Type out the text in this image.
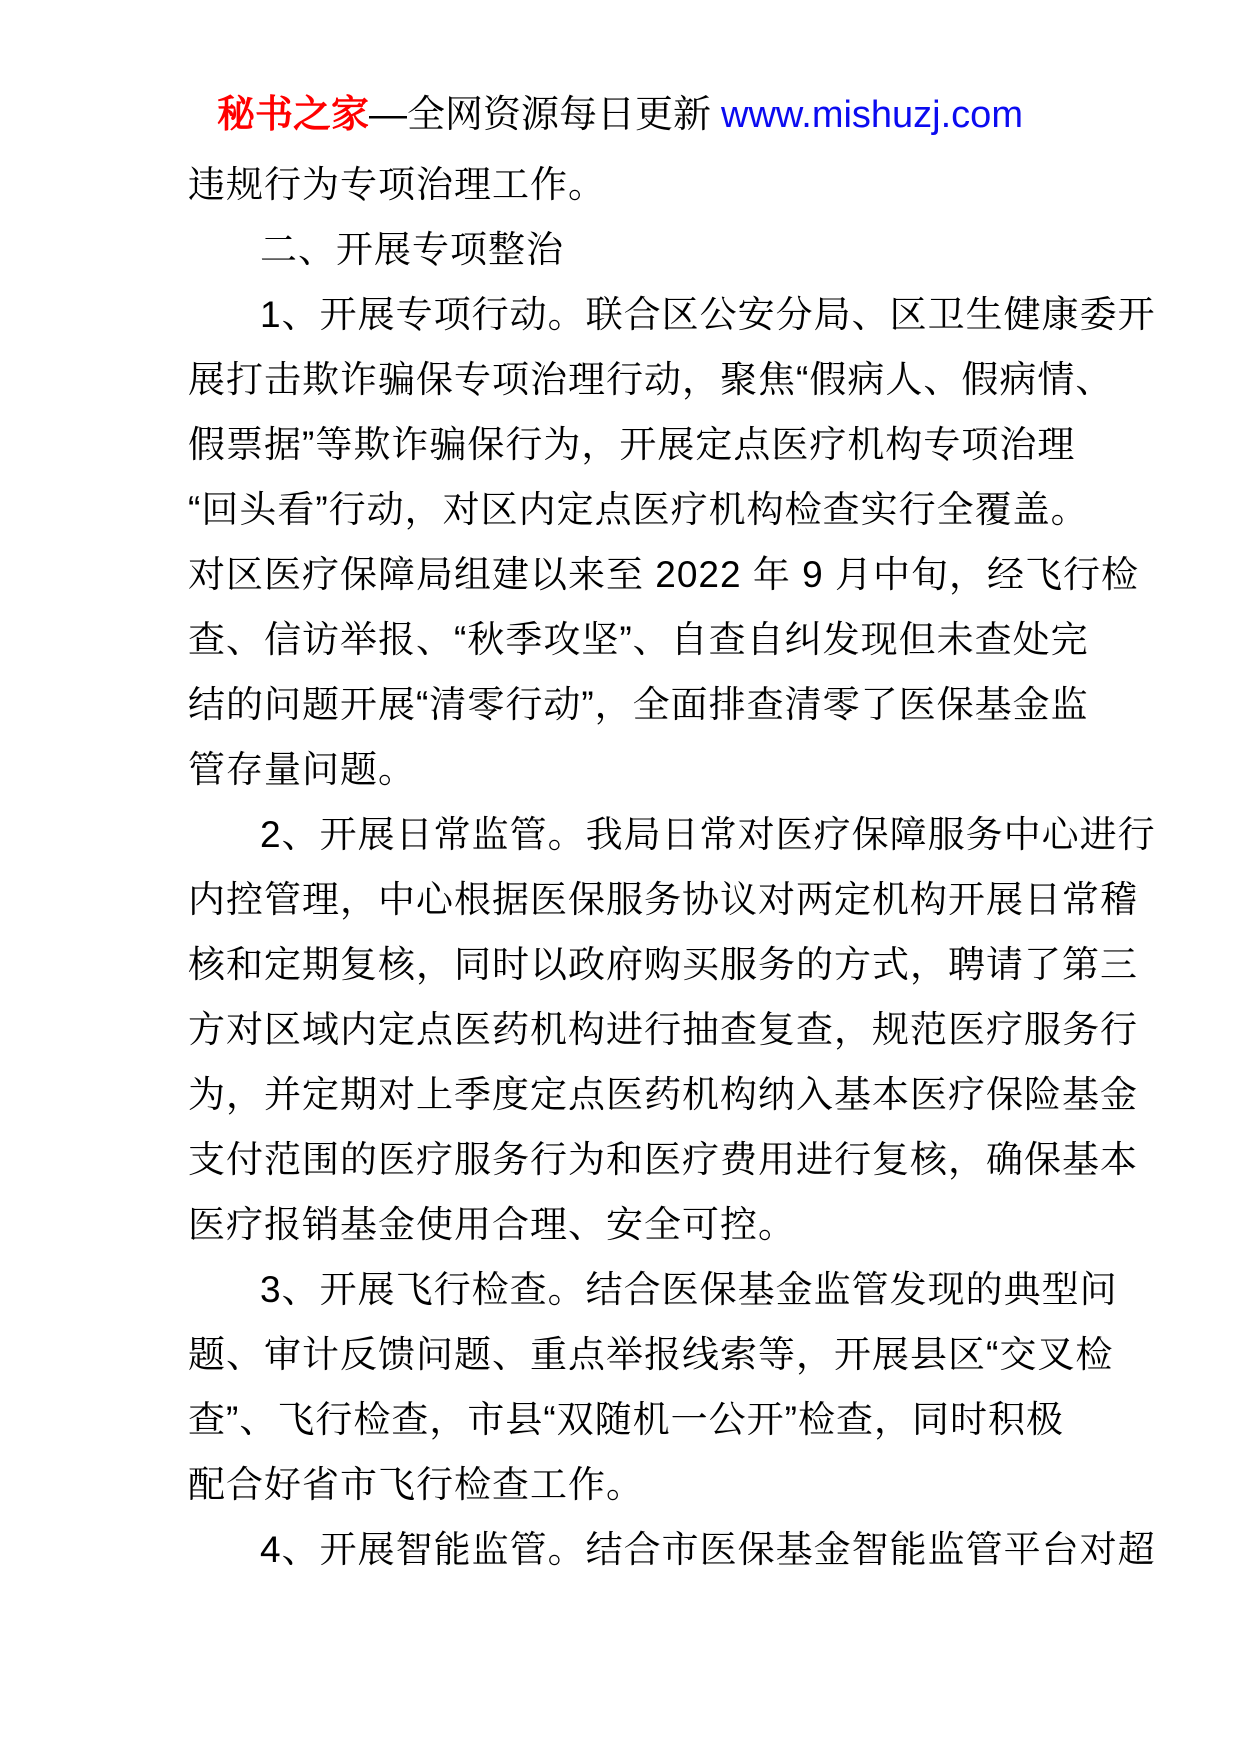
秘书之家—全网资源每日更新 www.mishuzj.com
违规行为专项治理工作。
二、开展专项整治
1、开展专项行动。联合区公安分局、区卫生健康委开
展打击欺诈骗保专项治理行动，聚焦“假病人、假病情、
假票据”等欺诈骗保行为，开展定点医疗机构专项治理
“回头看”行动，对区内定点医疗机构检查实行全覆盖。
对区医疗保障局组建以来至 2022 年 9 月中旬，经飞行检
查、信访举报、“秋季攻坚”、自查自纠发现但未查处完
结的问题开展“清零行动”，全面排查清零了医保基金监
管存量问题。
2、开展日常监管。我局日常对医疗保障服务中心进行
内控管理，中心根据医保服务协议对两定机构开展日常稽
核和定期复核，同时以政府购买服务的方式，聘请了第三
方对区域内定点医药机构进行抽查复查，规范医疗服务行
为，并定期对上季度定点医药机构纳入基本医疗保险基金
支付范围的医疗服务行为和医疗费用进行复核，确保基本
医疗报销基金使用合理、安全可控。
3、开展飞行检查。结合医保基金监管发现的典型问
题、审计反馈问题、重点举报线索等，开展县区“交叉检
查”、飞行检查，市县“双随机一公开”检查，同时积极
配合好省市飞行检查工作。
4、开展智能监管。结合市医保基金智能监管平台对超
